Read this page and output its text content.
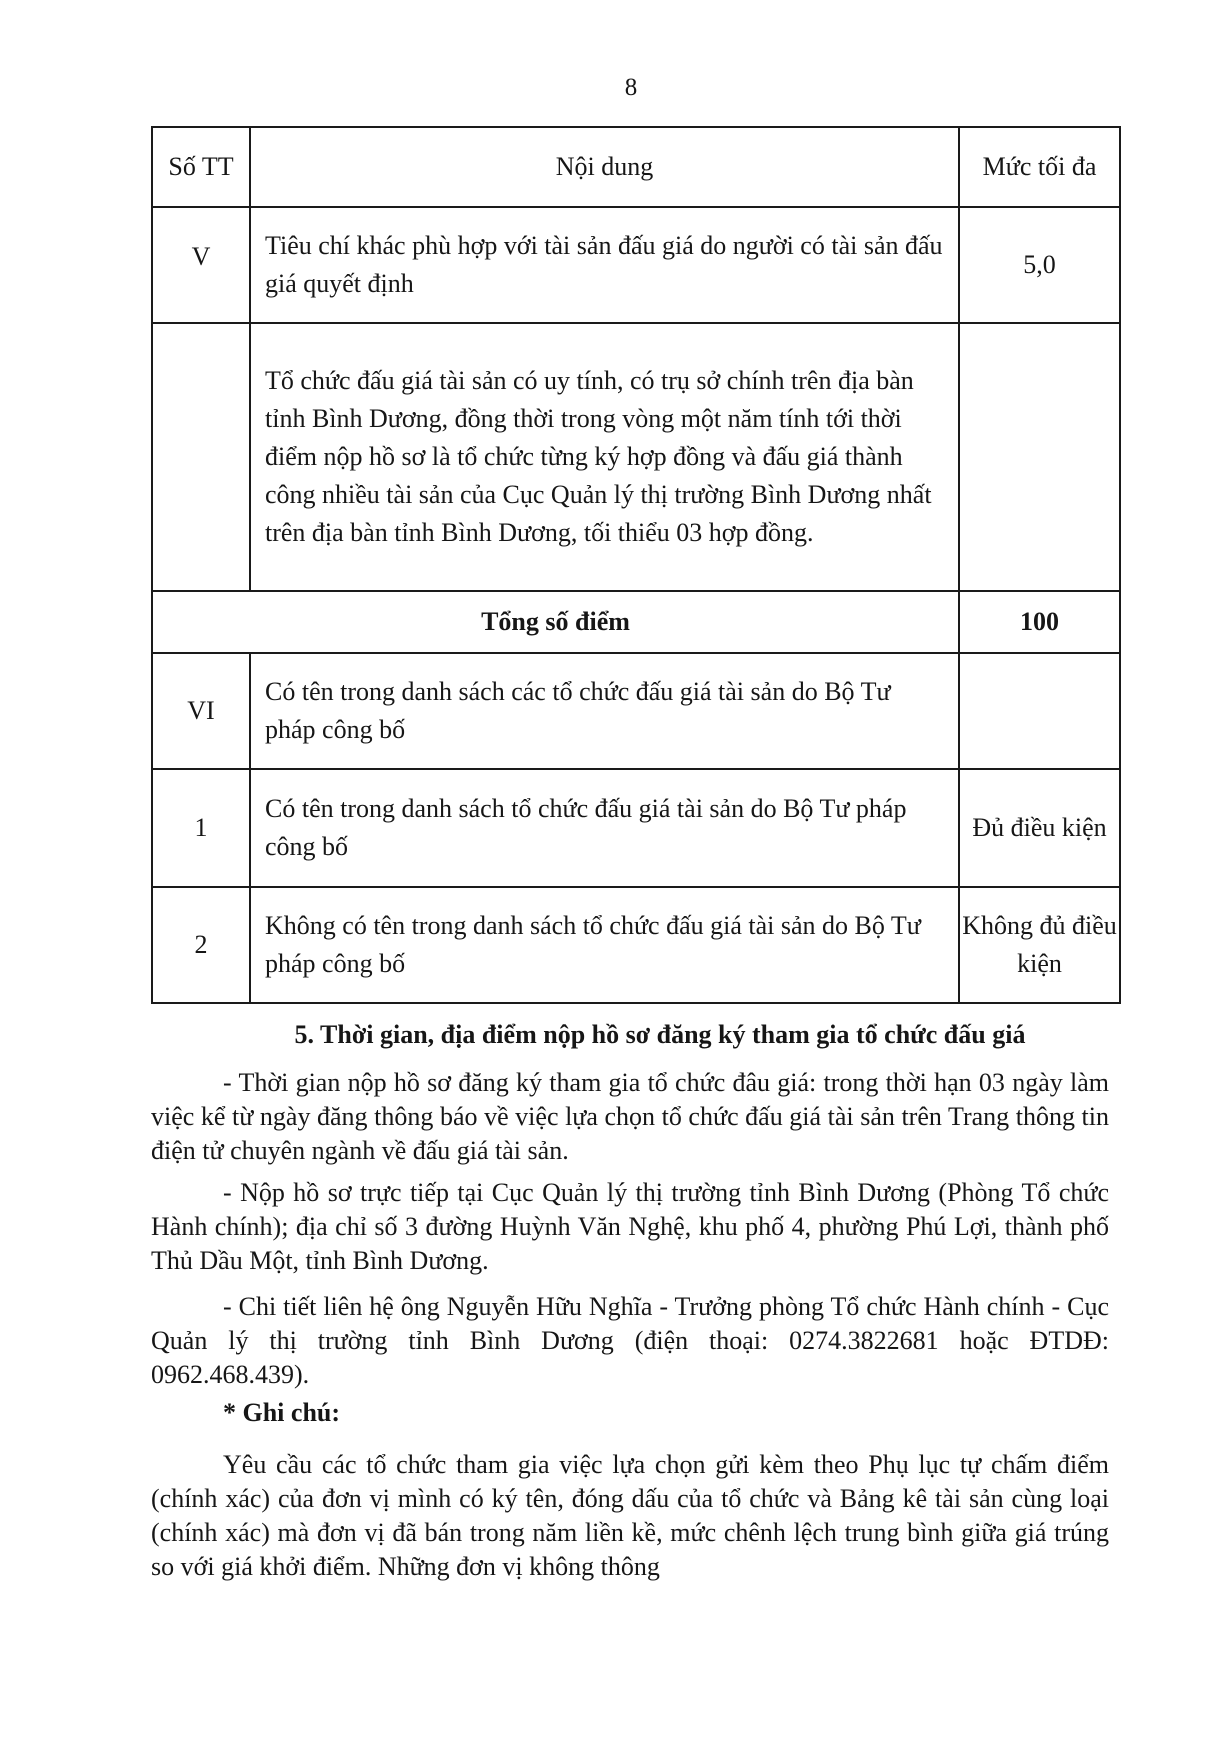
8
Số TT	Nội dung	Mức tối đa
V	Tiêu chí khác phù hợp với tài sản đấu giá do người có tài sản đấu giá quyết định	5,0
	Tổ chức đấu giá tài sản có uy tính, có trụ sở chính trên địa bàn tỉnh Bình Dương, đồng thời trong vòng một năm tính tới thời điểm nộp hồ sơ là tổ chức từng ký hợp đồng và đấu giá thành công nhiều tài sản của Cục Quản lý thị trường Bình Dương nhất trên địa bàn tỉnh Bình Dương, tối thiểu 03 hợp đồng.	
Tổng số điểm		100
VI	Có tên trong danh sách các tổ chức đấu giá tài sản do Bộ Tư pháp công bố	
1	Có tên trong danh sách tổ chức đấu giá tài sản do Bộ Tư pháp công bố	Đủ điều kiện
2	Không có tên trong danh sách tổ chức đấu giá tài sản do Bộ Tư pháp công bố	Không đủ điều kiện
5. Thời gian, địa điểm nộp hồ sơ đăng ký tham gia tổ chức đấu giá

- Thời gian nộp hồ sơ đăng ký tham gia tổ chức đâu giá: trong thời hạn 03 ngày làm việc kể từ ngày đăng thông báo về việc lựa chọn tổ chức đấu giá tài sản trên Trang thông tin điện tử chuyên ngành về đấu giá tài sản.

- Nộp hồ sơ trực tiếp tại Cục Quản lý thị trường tỉnh Bình Dương (Phòng Tổ chức Hành chính); địa chỉ số 3 đường Huỳnh Văn Nghệ, khu phố 4, phường Phú Lợi, thành phố Thủ Dầu Một, tỉnh Bình Dương.

- Chi tiết liên hệ ông Nguyễn Hữu Nghĩa - Trưởng phòng Tổ chức Hành chính - Cục Quản lý thị trường tỉnh Bình Dương (điện thoại: 0274.3822681 hoặc ĐTDĐ: 0962.468.439).

* Ghi chú:

Yêu cầu các tổ chức tham gia việc lựa chọn gửi kèm theo Phụ lục tự chấm điểm (chính xác) của đơn vị mình có ký tên, đóng dấu của tổ chức và Bảng kê tài sản cùng loại (chính xác) mà đơn vị đã bán trong năm liền kề, mức chênh lệch trung bình giữa giá trúng so với giá khởi điểm. Những đơn vị không thông
